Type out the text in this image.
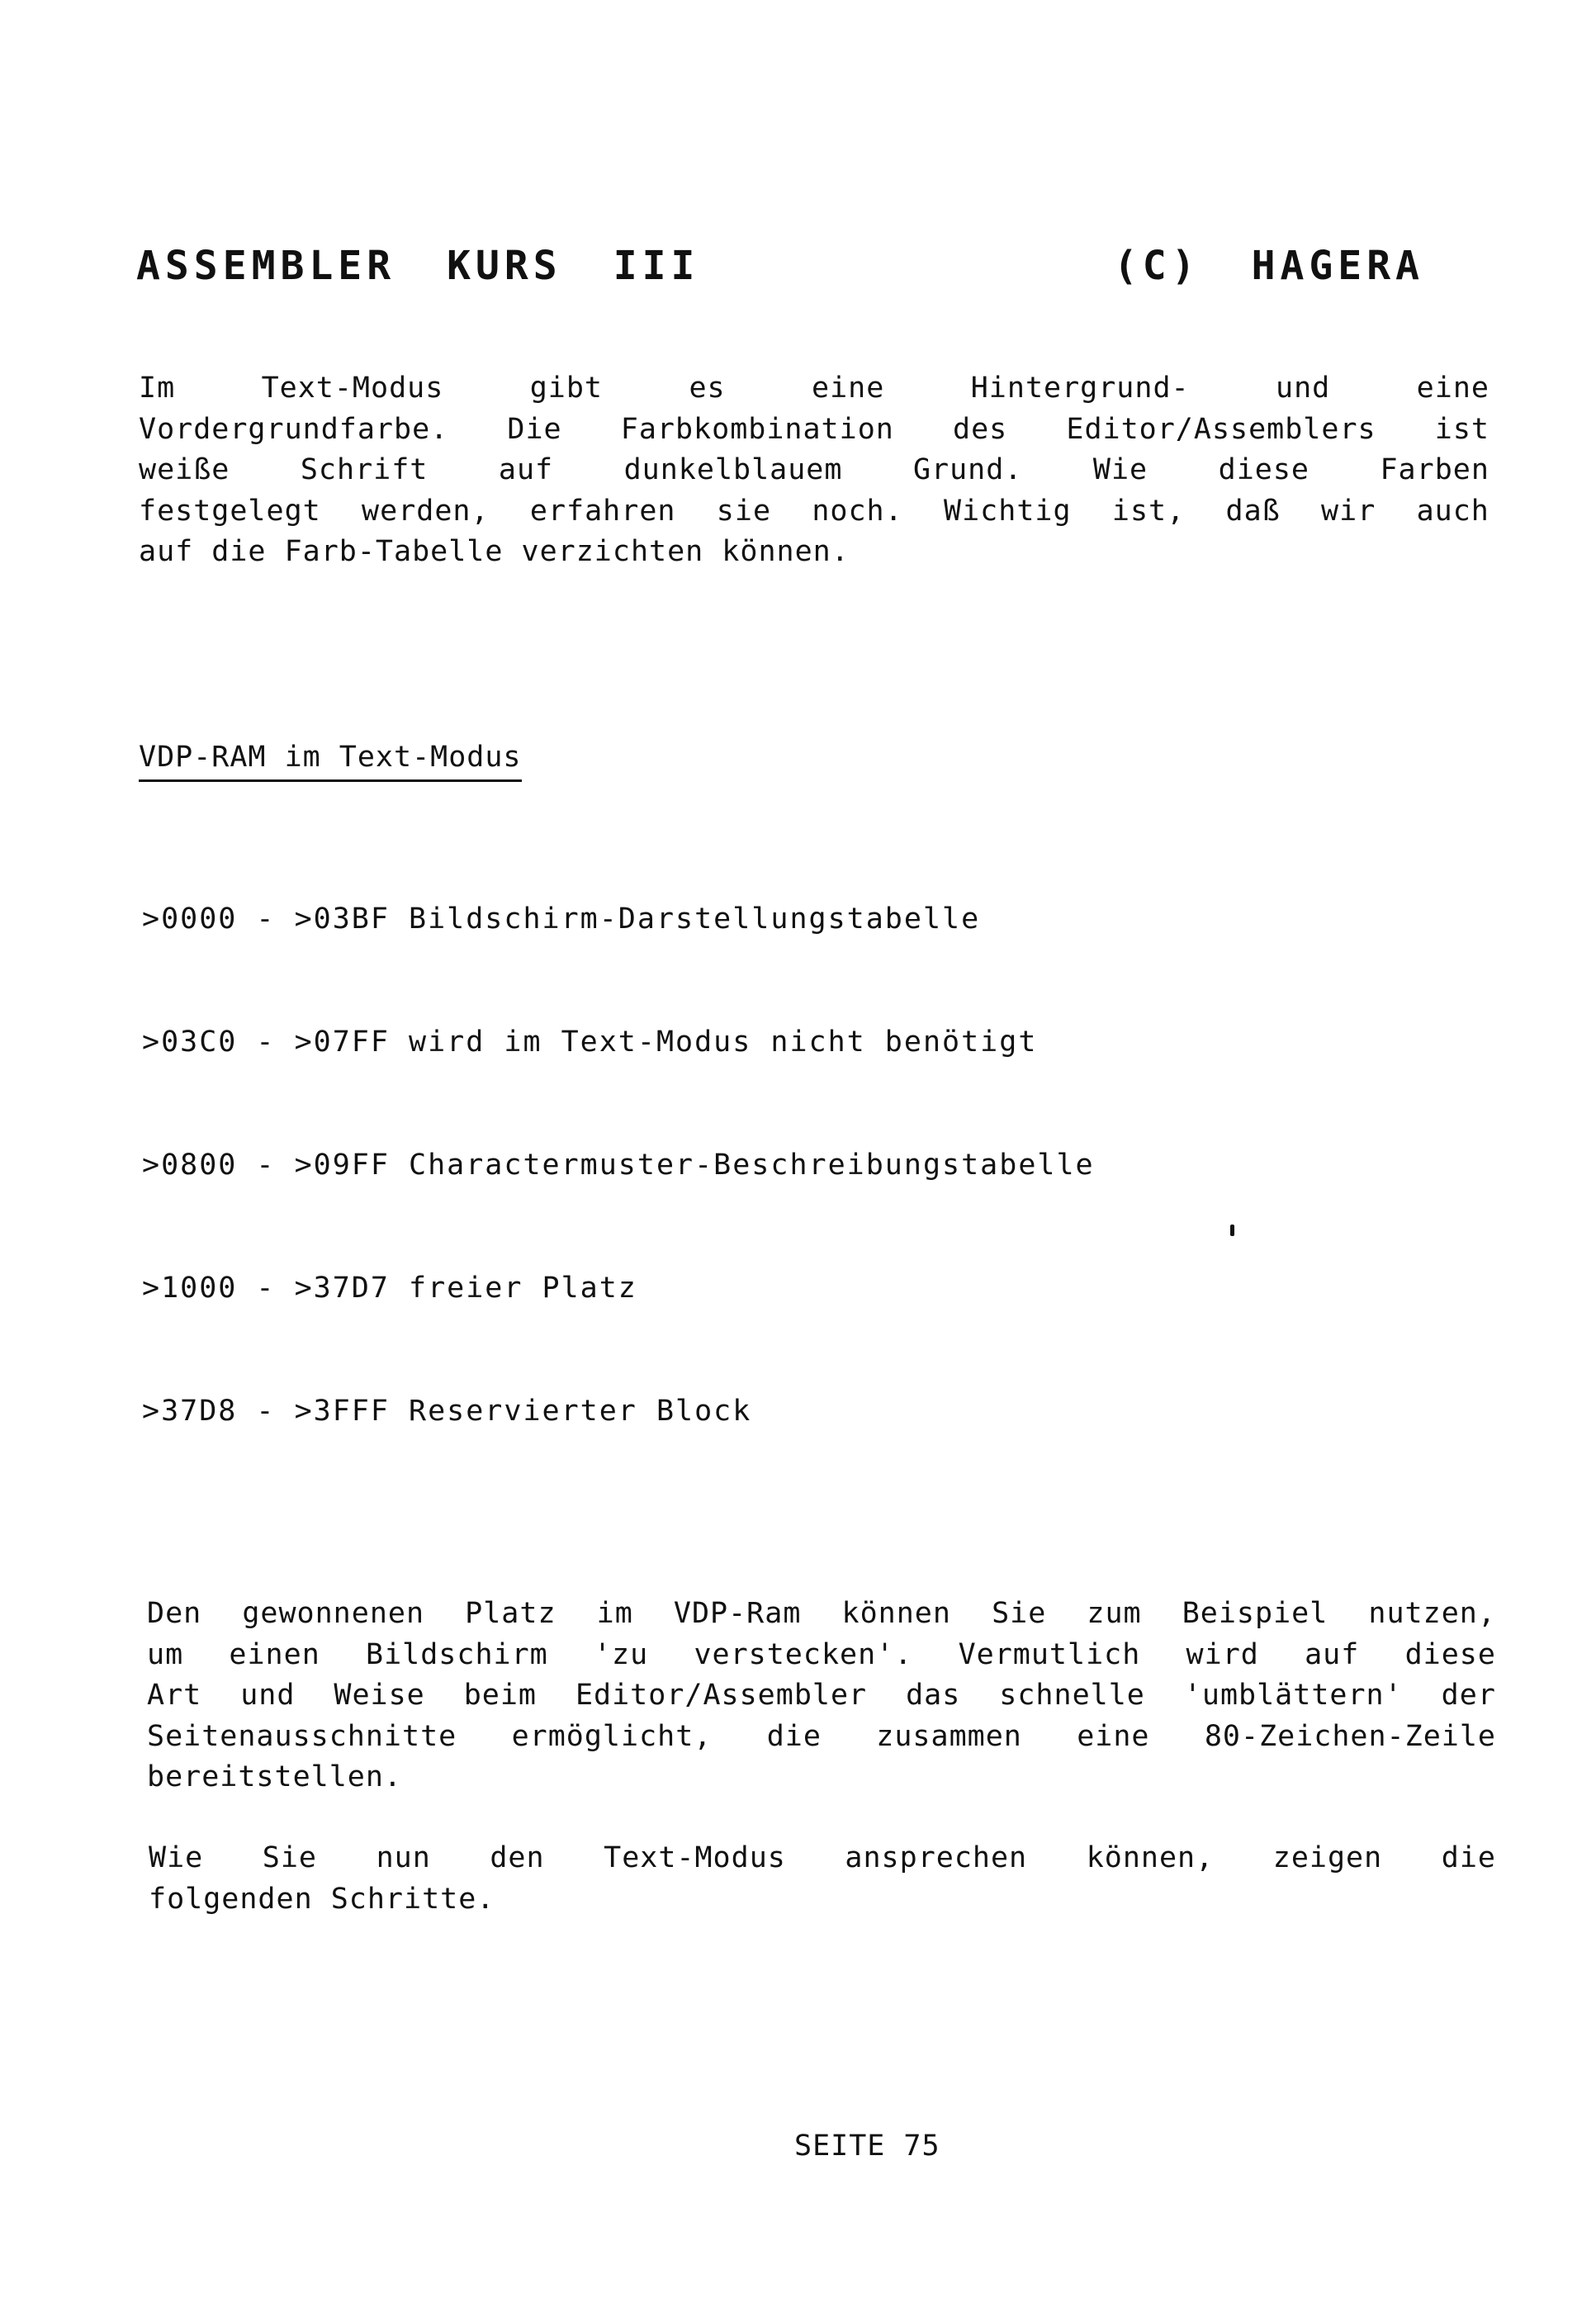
ASSEMBLER KURS III	(C) HAGERA
Im	Text-Modus	gibt	es	eine	Hintergrund-	und	eine
Vordergrundfarbe. Die Farbkombination des Editor/Assemblers ist
weiße Schrift auf dunkelblauem Grund. Wie diese Farben
festgelegt werden, erfahren sie noch. Wichtig ist, daß wir auch
auf die Farb-Tabelle verzichten können.
VDP-RAM im Text-Modus
>0000 - >03BF Bildschirm-Darstellungstabelle
>03C0 - >07FF wird im Text-Modus nicht benötigt
>0800 - >09FF Charactermuster-Beschreibungstabelle
>1000 - >37D7 freier Platz
>37D8 - >3FFF Reservierter Block
Den gewonnenen Platz im VDP-Ram können Sie zum Beispiel nutzen,
um einen Bildschirm 'zu verstecken'. Vermutlich wird auf diese
Art und Weise beim Editor/Assembler das schnelle 'umblättern' der
Seitenausschnitte ermöglicht, die zusammen eine 80-Zeichen-Zeile
bereitstellen.
Wie Sie nun den Text-Modus ansprechen können, zeigen die
folgenden Schritte.
SEITE 75
